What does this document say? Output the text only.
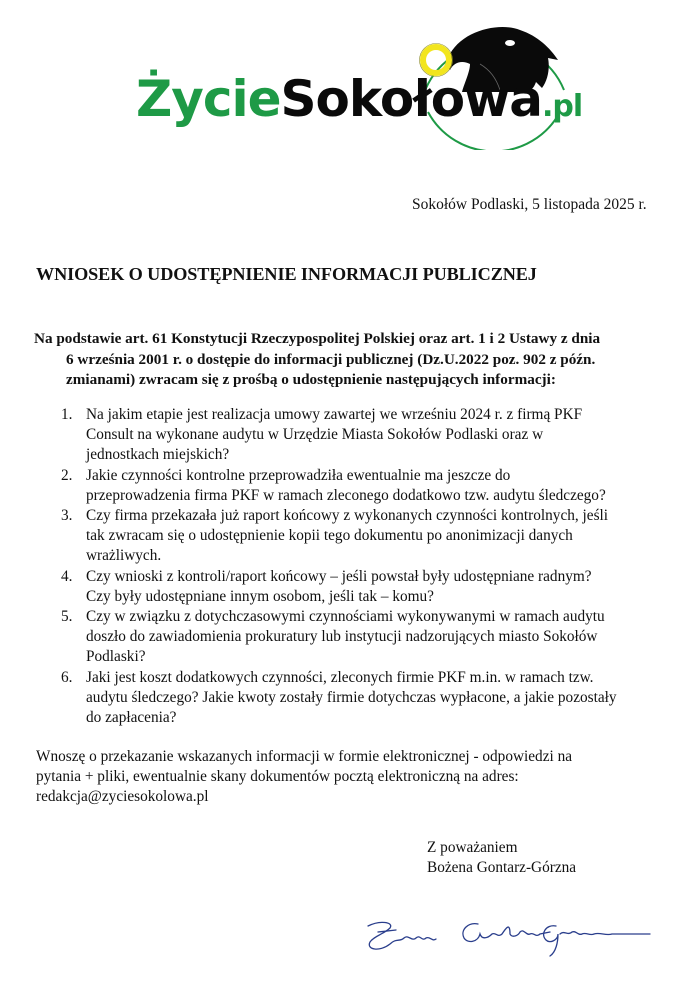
ŻycieSokołowa.pl
Sokołów Podlaski, 5 listopada 2025 r.
WNIOSEK O UDOSTĘPNIENIE INFORMACJI PUBLICZNEJ
Na podstawie art. 61 Konstytucji Rzeczypospolitej Polskiej oraz art. 1 i 2 Ustawy z dnia
6 września 2001 r. o dostępie do informacji publicznej (Dz.U.2022 poz. 902 z późn.
zmianami) zwracam się z prośbą o udostępnienie następujących informacji:
1. Na jakim etapie jest realizacja umowy zawartej we wrześniu 2024 r. z firmą PKF
Consult na wykonane audytu w Urzędzie Miasta Sokołów Podlaski oraz w
jednostkach miejskich?
2. Jakie czynności kontrolne przeprowadziła ewentualnie ma jeszcze do
przeprowadzenia firma PKF w ramach zleconego dodatkowo tzw. audytu śledczego?
3. Czy firma przekazała już raport końcowy z wykonanych czynności kontrolnych, jeśli
tak zwracam się o udostępnienie kopii tego dokumentu po anonimizacji danych
wrażliwych.
4. Czy wnioski z kontroli/raport końcowy – jeśli powstał były udostępniane radnym?
Czy były udostępniane innym osobom, jeśli tak – komu?
5. Czy w związku z dotychczasowymi czynnościami wykonywanymi w ramach audytu
doszło do zawiadomienia prokuratury lub instytucji nadzorujących miasto Sokołów
Podlaski?
6. Jaki jest koszt dodatkowych czynności, zleconych firmie PKF m.in. w ramach tzw.
audytu śledczego? Jakie kwoty zostały firmie dotychczas wypłacone, a jakie pozostały
do zapłacenia?
Wnoszę o przekazanie wskazanych informacji w formie elektronicznej - odpowiedzi na
pytania + pliki, ewentualnie skany dokumentów pocztą elektroniczną na adres:
redakcja@zyciesokolowa.pl
Z poważaniem
Bożena Gontarz-Górzna
